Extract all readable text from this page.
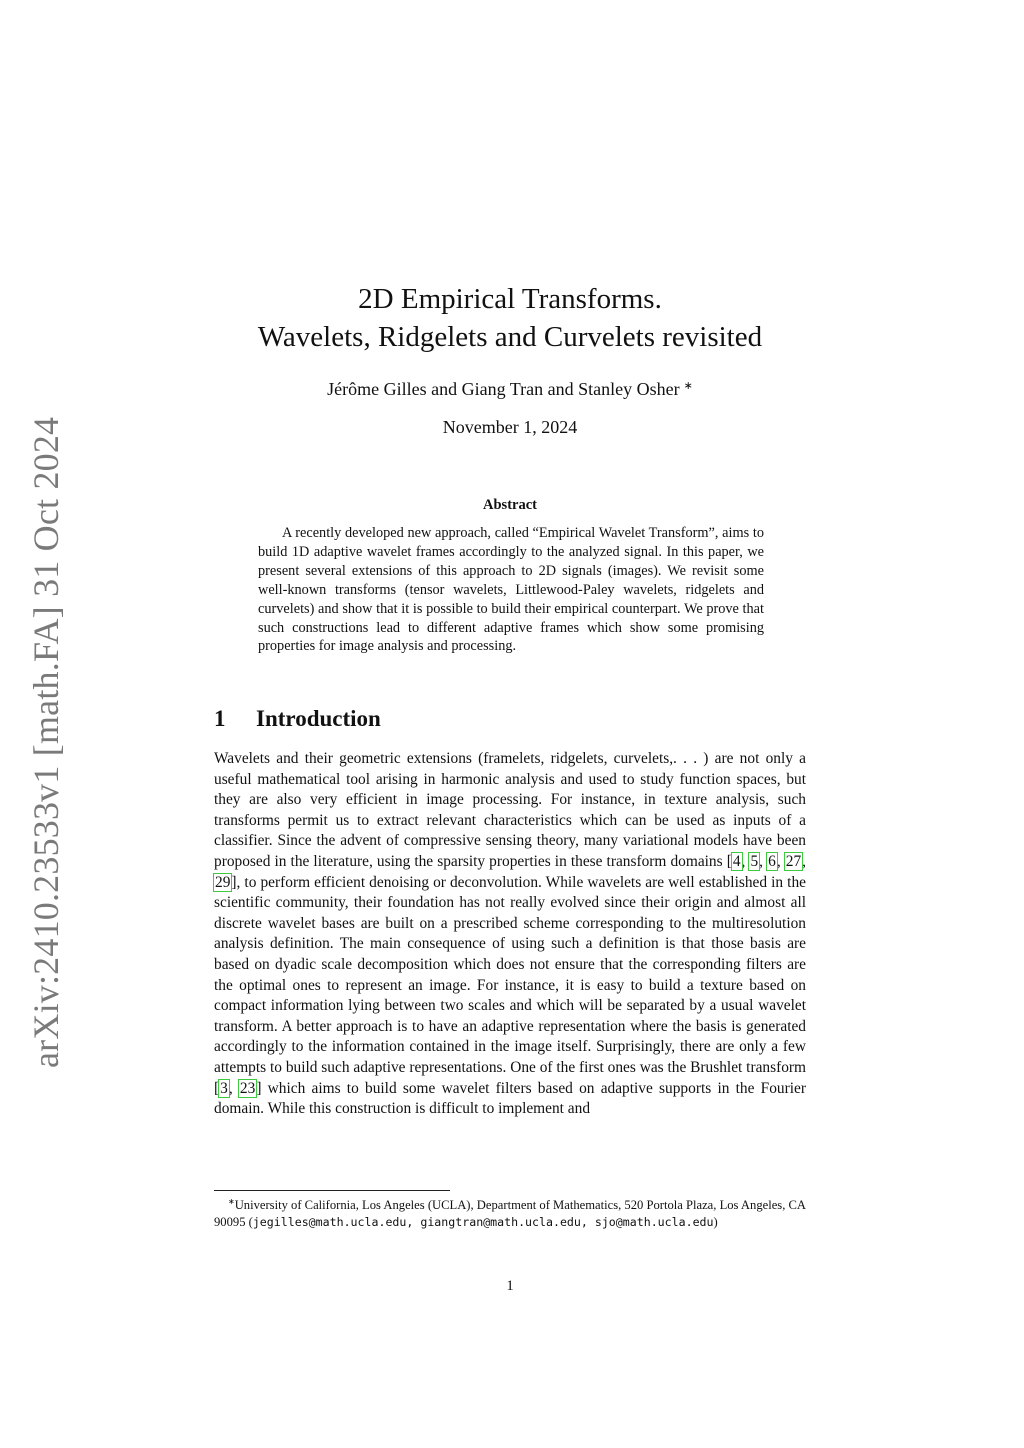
arXiv:2410.23533v1 [math.FA] 31 Oct 2024
2D Empirical Transforms.
Wavelets, Ridgelets and Curvelets revisited
Jérôme Gilles and Giang Tran and Stanley Osher ∗
November 1, 2024
Abstract

A recently developed new approach, called “Empirical Wavelet Transform”, aims to build 1D adaptive wavelet frames accordingly to the analyzed signal. In this paper, we present several extensions of this approach to 2D signals (images). We revisit some well-known transforms (tensor wavelets, Littlewood-Paley wavelets, ridgelets and curvelets) and show that it is possible to build their empirical counterpart. We prove that such constructions lead to different adaptive frames which show some promising properties for image analysis and processing.

1 Introduction

Wavelets and their geometric extensions (framelets, ridgelets, curvelets,. . . ) are not only a useful mathematical tool arising in harmonic analysis and used to study function spaces, but they are also very efficient in image processing. For instance, in texture analysis, such transforms permit us to extract relevant characteristics which can be used as inputs of a classifier. Since the advent of compressive sensing theory, many variational models have been proposed in the literature, using the sparsity properties in these transform domains [4, 5, 6, 27, 29], to perform efficient denoising or deconvolution. While wavelets are well established in the scientific community, their foundation has not really evolved since their origin and almost all discrete wavelet bases are built on a prescribed scheme corresponding to the multiresolution analysis definition. The main consequence of using such a definition is that those basis are based on dyadic scale decomposition which does not ensure that the corresponding filters are the optimal ones to represent an image. For instance, it is easy to build a texture based on compact information lying between two scales and which will be separated by a usual wavelet transform. A better approach is to have an adaptive representation where the basis is generated accordingly to the information contained in the image itself. Surprisingly, there are only a few attempts to build such adaptive representations. One of the first ones was the Brushlet transform [3, 23] which aims to build some wavelet filters based on adaptive supports in the Fourier domain. While this construction is difficult to implement and

∗University of California, Los Angeles (UCLA), Department of Mathematics, 520 Portola Plaza, Los Angeles, CA 90095 (jegilles@math.ucla.edu, giangtran@math.ucla.edu, sjo@math.ucla.edu)

1
